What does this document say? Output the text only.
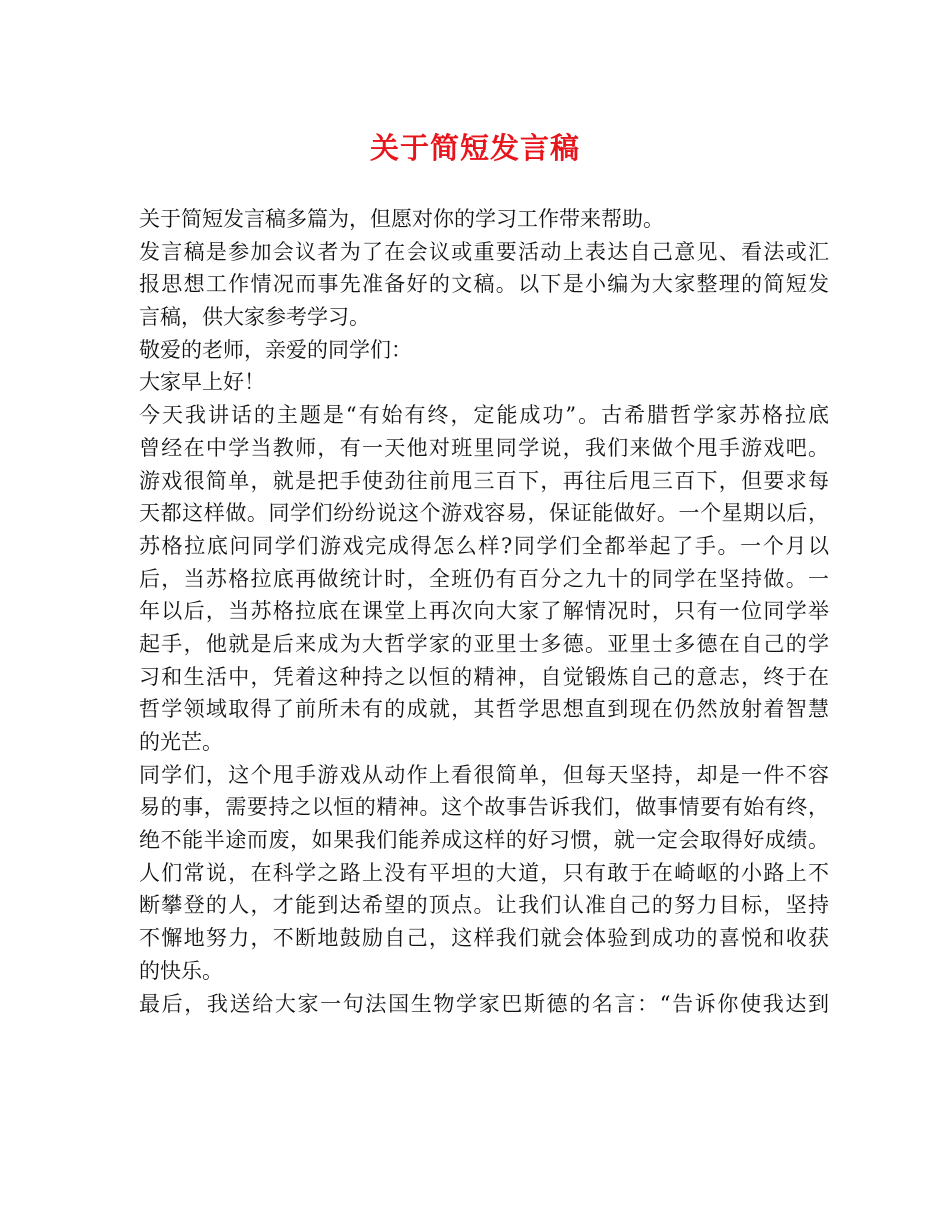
关于简短发言稿
关于简短发言稿多篇为，但愿对你的学习工作带来帮助。
发言稿是参加会议者为了在会议或重要活动上表达自己意见、看法或汇
报思想工作情况而事先准备好的文稿。以下是小编为大家整理的简短发
言稿，供大家参考学习。
敬爱的老师，亲爱的同学们：
大家早上好！
今天我讲话的主题是“有始有终，定能成功”。古希腊哲学家苏格拉底
曾经在中学当教师，有一天他对班里同学说，我们来做个甩手游戏吧。
游戏很简单，就是把手使劲往前甩三百下，再往后甩三百下，但要求每
天都这样做。同学们纷纷说这个游戏容易，保证能做好。一个星期以后，
苏格拉底问同学们游戏完成得怎么样?同学们全都举起了手。一个月以
后，当苏格拉底再做统计时，全班仍有百分之九十的同学在坚持做。一
年以后，当苏格拉底在课堂上再次向大家了解情况时，只有一位同学举
起手，他就是后来成为大哲学家的亚里士多德。亚里士多德在自己的学
习和生活中，凭着这种持之以恒的精神，自觉锻炼自己的意志，终于在
哲学领域取得了前所未有的成就，其哲学思想直到现在仍然放射着智慧
的光芒。
同学们，这个甩手游戏从动作上看很简单，但每天坚持，却是一件不容
易的事，需要持之以恒的精神。这个故事告诉我们，做事情要有始有终，
绝不能半途而废，如果我们能养成这样的好习惯，就一定会取得好成绩。
人们常说，在科学之路上没有平坦的大道，只有敢于在崎岖的小路上不
断攀登的人，才能到达希望的顶点。让我们认准自己的努力目标，坚持
不懈地努力，不断地鼓励自己，这样我们就会体验到成功的喜悦和收获
的快乐。
最后，我送给大家一句法国生物学家巴斯德的名言：“告诉你使我达到
